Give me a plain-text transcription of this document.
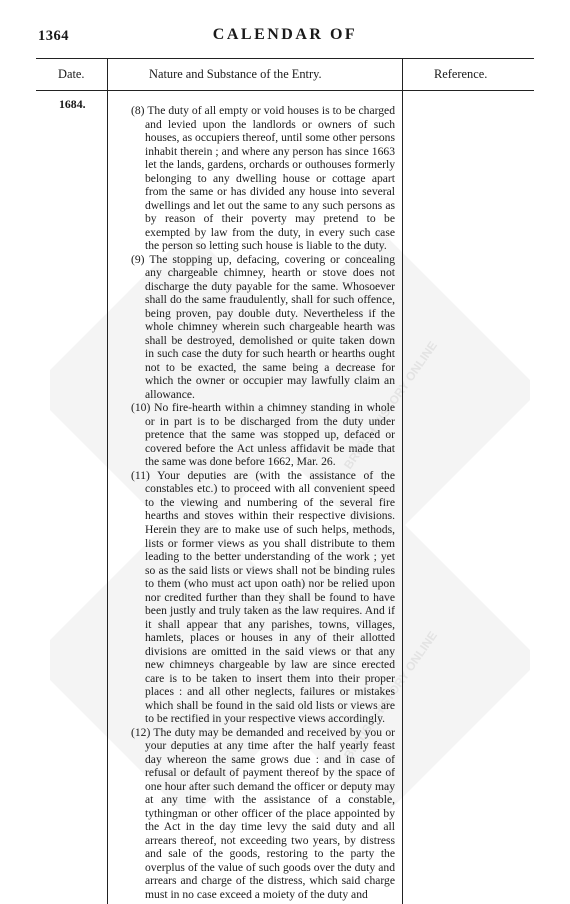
BRITISH HISTORY ONLINE
BRITISH HISTORY ONLINE
1364	CALENDAR OF
Date.	Nature and Substance of the Entry.	Reference.
1684.	(8) The duty of all empty or void houses is to be charged and levied upon the landlords or owners of such houses, as occupiers thereof, until some other persons inhabit therein ; and where any person has since 1663 let the lands, gardens, orchards or outhouses formerly belonging to any dwelling house or cottage apart from the same or has divided any house into several dwellings and let out the same to any such persons as by reason of their poverty may pretend to be exempted by law from the duty, in every such case the person so letting such house is liable to the duty.

(9) The stopping up, defacing, covering or concealing any chargeable chimney, hearth or stove does not discharge the duty payable for the same. Whosoever shall do the same fraudulently, shall for such offence, being proven, pay double duty. Nevertheless if the whole chimney wherein such chargeable hearth was shall be destroyed, demolished or quite taken down in such case the duty for such hearth or hearths ought not to be exacted, the same being a decrease for which the owner or occupier may lawfully claim an allowance.

(10) No fire-hearth within a chimney standing in whole or in part is to be discharged from the duty under pretence that the same was stopped up, defaced or covered before the Act unless affidavit be made that the same was done before 1662, Mar. 26.

(11) Your deputies are (with the assistance of the constables etc.) to proceed with all convenient speed to the viewing and numbering of the several fire hearths and stoves within their respective divisions. Herein they are to make use of such helps, methods, lists or former views as you shall distribute to them leading to the better understanding of the work ; yet so as the said lists or views shall not be binding rules to them (who must act upon oath) nor be relied upon nor credited further than they shall be found to have been justly and truly taken as the law requires. And if it shall appear that any parishes, towns, villages, hamlets, places or houses in any of their allotted divisions are omitted in the said views or that any new chimneys chargeable by law are since erected care is to be taken to insert them into their proper places : and all other neglects, failures or mistakes which shall be found in the said old lists or views are to be rectified in your respective views accordingly.

(12) The duty may be demanded and received by you or your deputies at any time after the half yearly feast day whereon the same grows due : and in case of refusal or default of payment thereof by the space of one hour after such demand the officer or deputy may at any time with the assistance of a constable, tythingman or other officer of the place appointed by the Act in the day time levy the said duty and all arrears thereof, not exceeding two years, by distress and sale of the goods, restoring to the party the overplus of the value of such goods over the duty and arrears and charge of the distress, which said charge must in no case exceed a moiety of the duty and
